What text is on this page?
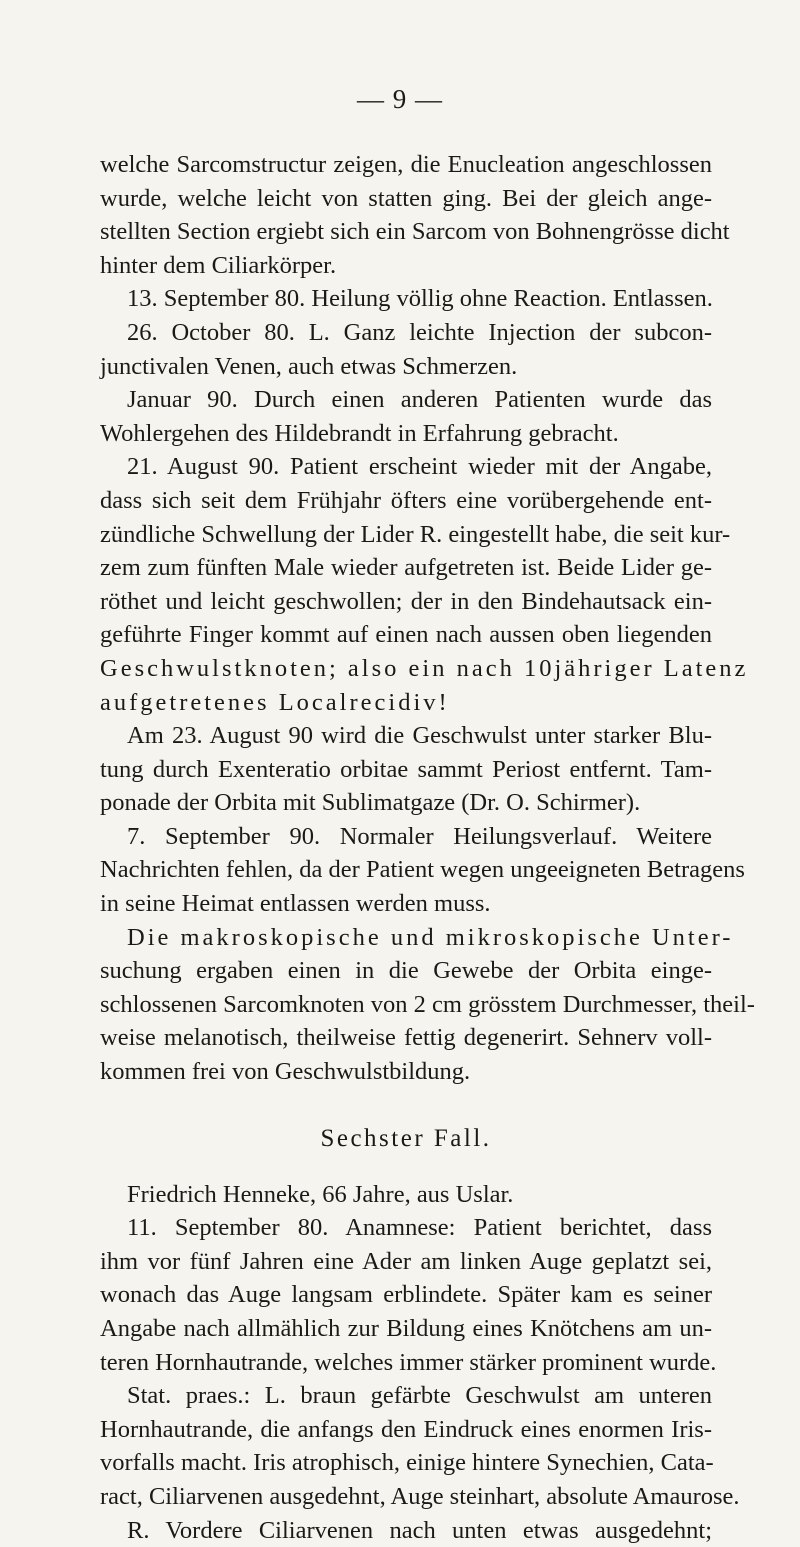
— 9 —
welche Sarcomstructur zeigen, die Enucleation angeschlossen
wurde, welche leicht von statten ging. Bei der gleich ange-
stellten Section ergiebt sich ein Sarcom von Bohnengrösse dicht
hinter dem Ciliarkörper.
13. September 80. Heilung völlig ohne Reaction. Entlassen.
26. October 80. L. Ganz leichte Injection der subcon-
junctivalen Venen, auch etwas Schmerzen.
Januar 90. Durch einen anderen Patienten wurde das
Wohlergehen des Hildebrandt in Erfahrung gebracht.
21. August 90. Patient erscheint wieder mit der Angabe,
dass sich seit dem Frühjahr öfters eine vorübergehende ent-
zündliche Schwellung der Lider R. eingestellt habe, die seit kur-
zem zum fünften Male wieder aufgetreten ist. Beide Lider ge-
röthet und leicht geschwollen; der in den Bindehautsack ein-
geführte Finger kommt auf einen nach aussen oben liegenden
Geschwulstknoten; also ein nach 10jähriger Latenz
aufgetretenes Localrecidiv!
Am 23. August 90 wird die Geschwulst unter starker Blu-
tung durch Exenteratio orbitae sammt Periost entfernt. Tam-
ponade der Orbita mit Sublimatgaze (Dr. O. Schirmer).
7. September 90. Normaler Heilungsverlauf. Weitere
Nachrichten fehlen, da der Patient wegen ungeeigneten Betragens
in seine Heimat entlassen werden muss.
Die makroskopische und mikroskopische Unter-
suchung ergaben einen in die Gewebe der Orbita einge-
schlossenen Sarcomknoten von 2 cm grösstem Durchmesser, theil-
weise melanotisch, theilweise fettig degenerirt. Sehnerv voll-
kommen frei von Geschwulstbildung.
Sechster Fall.
Friedrich Henneke, 66 Jahre, aus Uslar.
11. September 80. Anamnese: Patient berichtet, dass
ihm vor fünf Jahren eine Ader am linken Auge geplatzt sei,
wonach das Auge langsam erblindete. Später kam es seiner
Angabe nach allmählich zur Bildung eines Knötchens am un-
teren Hornhautrande, welches immer stärker prominent wurde.
Stat. praes.: L. braun gefärbte Geschwulst am unteren
Hornhautrande, die anfangs den Eindruck eines enormen Iris-
vorfalls macht. Iris atrophisch, einige hintere Synechien, Cata-
ract, Ciliarvenen ausgedehnt, Auge steinhart, absolute Amaurose.
R. Vordere Ciliarvenen nach unten etwas ausgedehnt;
